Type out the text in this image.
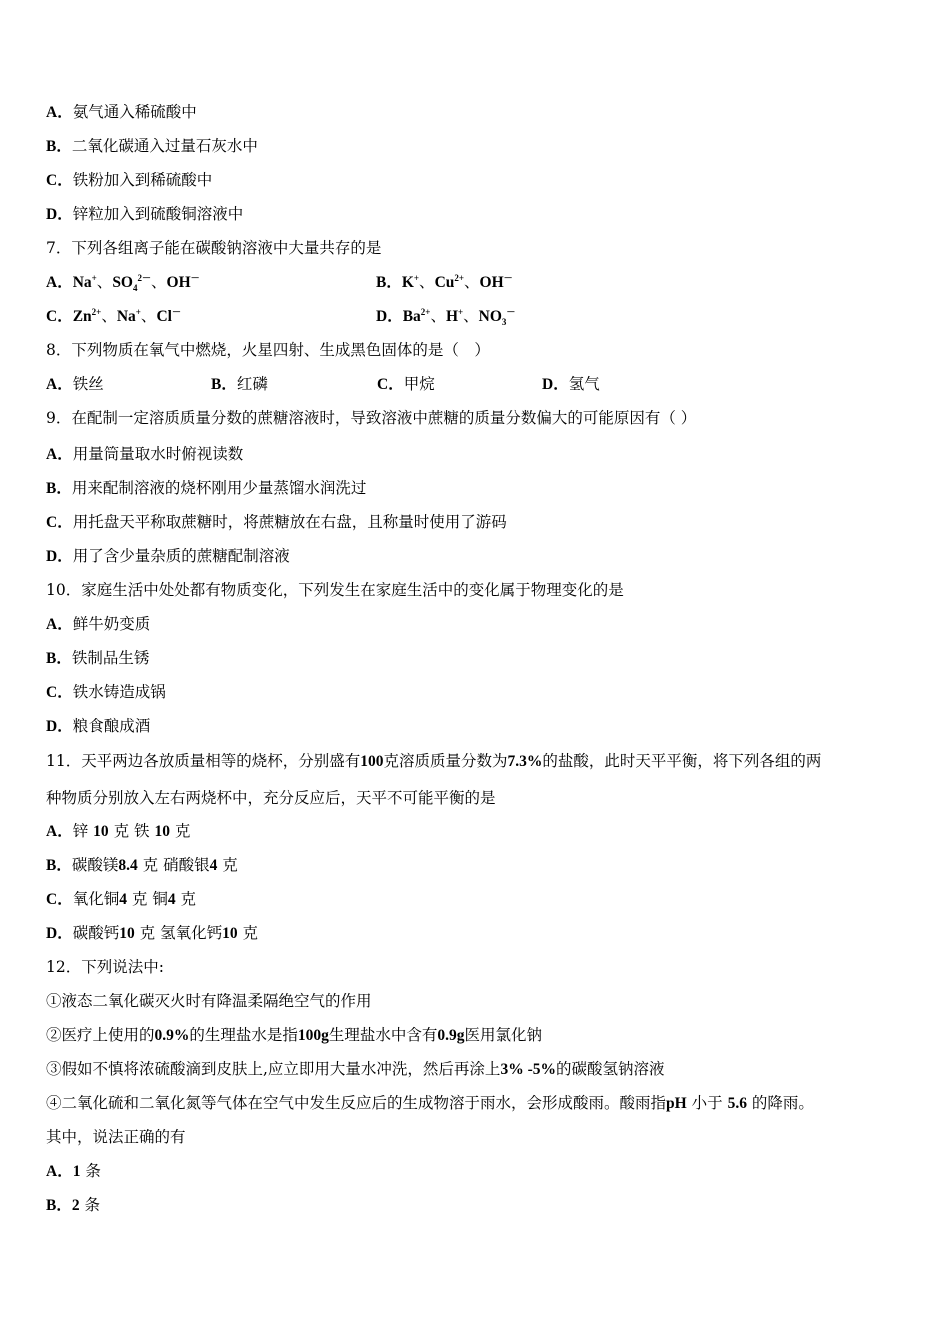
A．氨气通入稀硫酸中
B．二氧化碳通入过量石灰水中
C．铁粉加入到稀硫酸中
D．锌粒加入到硫酸铜溶液中
7．下列各组离子能在碳酸钠溶液中大量共存的是
A．Na+、$SO_4^{2-}$、OH－	B．K+、$Cu^{2+}$、OH－
C．$Zn^{2+}$、Na+、Cl－	D．$Ba^{2+}$、H+、$NO_3^-$
8．下列物质在氧气中燃烧，火星四射、生成黑色固体的是（　）
A．铁丝	B．红磷	C．甲烷	D．氢气
9．在配制一定溶质质量分数的蔗糖溶液时，导致溶液中蔗糖的质量分数偏大的可能原因有（ ）
A．用量筒量取水时俯视读数
B．用来配制溶液的烧杯刚用少量蒸馏水润洗过
C．用托盘天平称取蔗糖时，将蔗糖放在右盘，且称量时使用了游码
D．用了含少量杂质的蔗糖配制溶液
10．家庭生活中处处都有物质变化，下列发生在家庭生活中的变化属于物理变化的是
A．鲜牛奶变质
B．铁制品生锈
C．铁水铸造成锅
D．粮食酿成酒
11．天平两边各放质量相等的烧杯，分别盛有100克溶质质量分数为7.3%的盐酸，此时天平平衡，将下列各组的两
种物质分别放入左右两烧杯中，充分反应后，天平不可能平衡的是
A．锌 10 克 铁 10 克
B．碳酸镁8.4 克 硝酸银4 克
C．氧化铜4 克 铜4 克
D．碳酸钙10 克 氢氧化钙10 克
12．下列说法中:
①液态二氧化碳灭火时有降温柔隔绝空气的作用
②医疗上使用的0.9%的生理盐水是指100g生理盐水中含有0.9g医用氯化钠
③假如不慎将浓硫酸滴到皮肤上,应立即用大量水冲洗，然后再涂上3% -5%的碳酸氢钠溶液
④二氧化硫和二氧化氮等气体在空气中发生反应后的生成物溶于雨水，会形成酸雨。酸雨指pH 小于 5.6 的降雨。
其中，说法正确的有
A．1 条
B．2 条
